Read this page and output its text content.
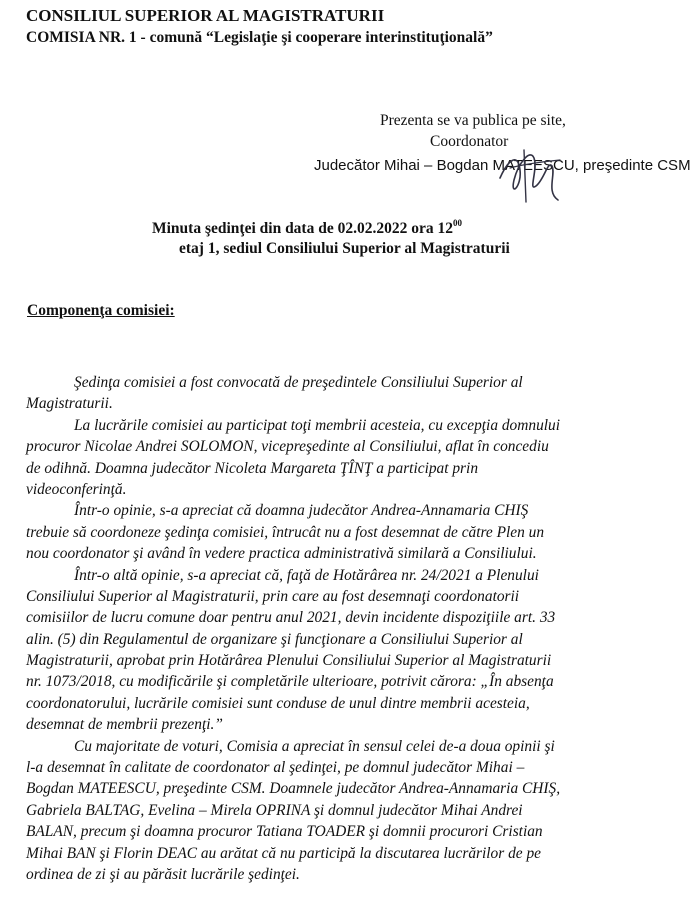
CONSILIUL SUPERIOR AL MAGISTRATURII
COMISIA NR. 1 - comună “Legislaţie şi cooperare interinstituţională”
Prezenta se va publica pe site,
Coordonator
Judecător Mihai – Bogdan MATEESCU, preşedinte CSM
Minuta şedinţei din data de 02.02.2022 ora $12^{00}$
etaj 1, sediul Consiliului Superior al Magistraturii
Componenţa comisiei:
Şedinţa comisiei a fost convocată de preşedintele Consiliului Superior al
Magistraturii.
La lucrările comisiei au participat toţi membrii acesteia, cu excepţia domnului
procuror Nicolae Andrei SOLOMON, vicepreşedinte al Consiliului, aflat în concediu
de odihnă. Doamna judecător Nicoleta Margareta ŢÎNŢ a participat prin
videoconferinţă.
Într-o opinie, s-a apreciat că doamna judecător Andrea-Annamaria CHIŞ
trebuie să coordoneze şedinţa comisiei, întrucât nu a fost desemnat de către Plen un
nou coordonator şi având în vedere practica administrativă similară a Consiliului.
Într-o altă opinie, s-a apreciat că, faţă de Hotărârea nr. 24/2021 a Plenului
Consiliului Superior al Magistraturii, prin care au fost desemnaţi coordonatorii
comisiilor de lucru comune doar pentru anul 2021, devin incidente dispoziţiile art. 33
alin. (5) din Regulamentul de organizare şi funcţionare a Consiliului Superior al
Magistraturii, aprobat prin Hotărârea Plenului Consiliului Superior al Magistraturii
nr. 1073/2018, cu modificările şi completările ulterioare, potrivit cărora: „În absenţa
coordonatorului, lucrările comisiei sunt conduse de unul dintre membrii acesteia,
desemnat de membrii prezenţi.”
Cu majoritate de voturi, Comisia a apreciat în sensul celei de-a doua opinii şi
l-a desemnat în calitate de coordonator al şedinţei, pe domnul judecător Mihai –
Bogdan MATEESCU, preşedinte CSM. Doamnele judecător Andrea-Annamaria CHIŞ,
Gabriela BALTAG, Evelina – Mirela OPRINA şi domnul judecător Mihai Andrei
BALAN, precum şi doamna procuror Tatiana TOADER şi domnii procurori Cristian
Mihai BAN şi Florin DEAC au arătat că nu participă la discutarea lucrărilor de pe
ordinea de zi şi au părăsit lucrările şedinţei.
